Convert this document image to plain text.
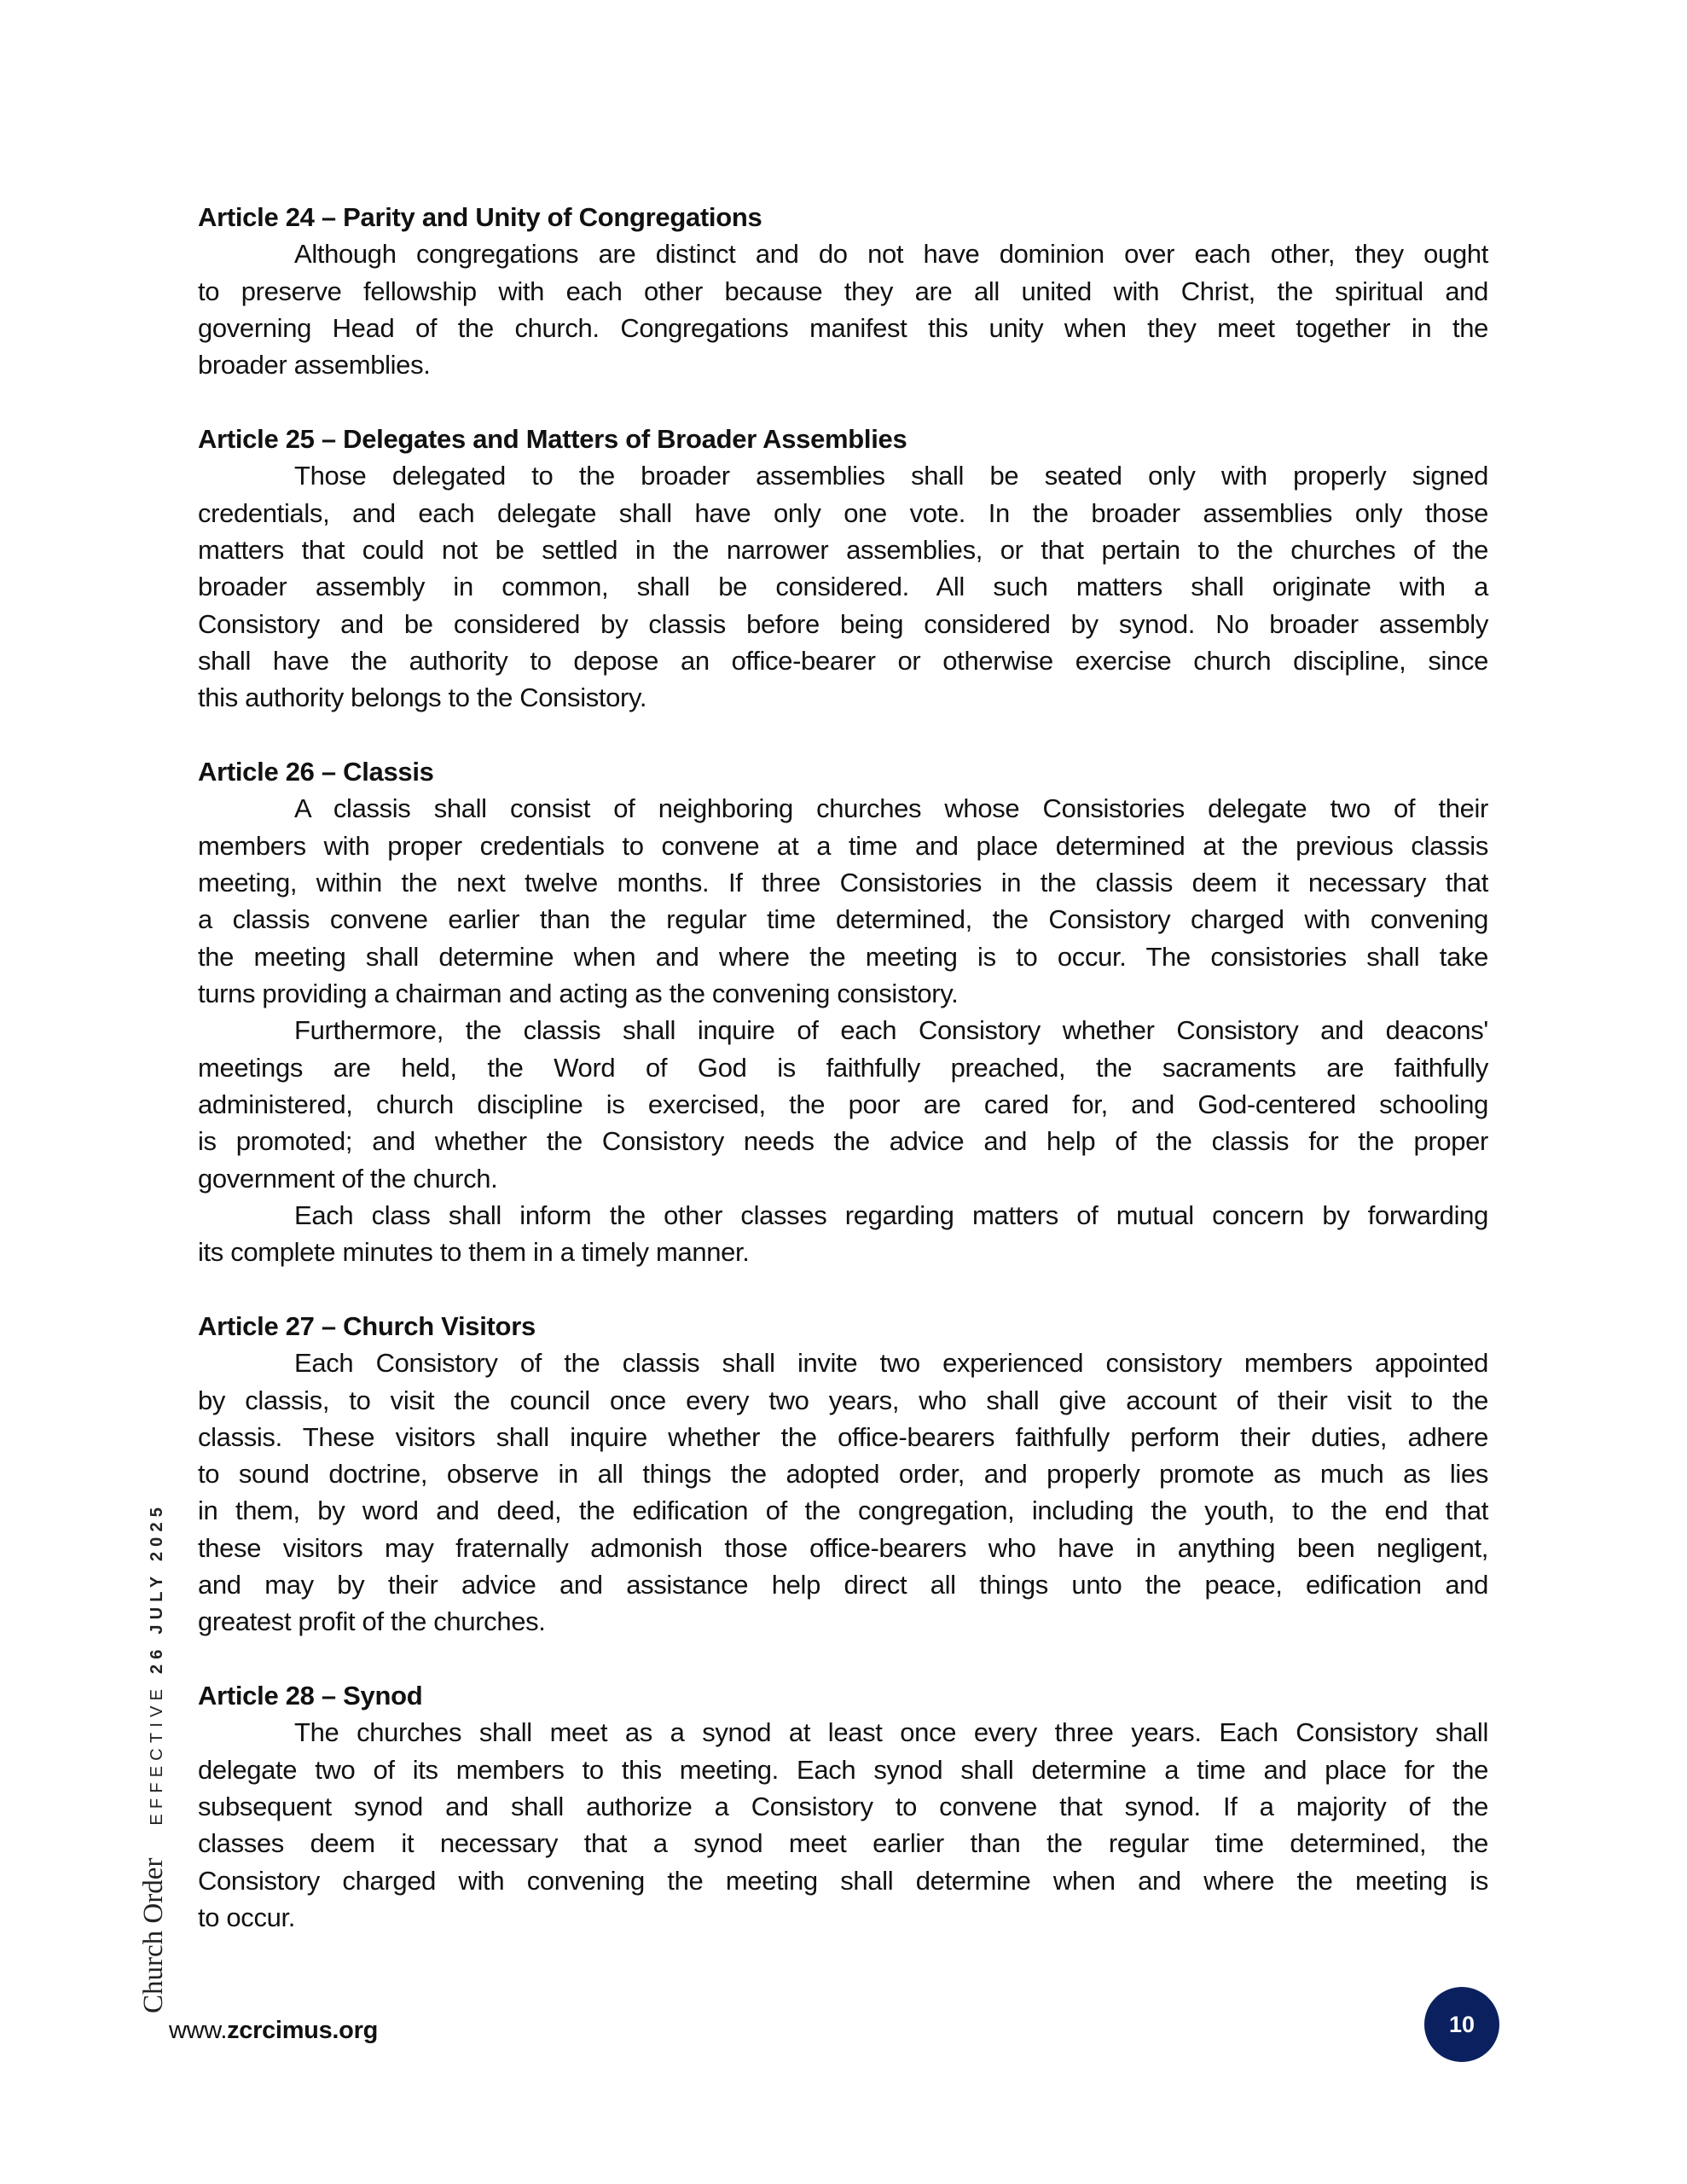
Article 24 – Parity and Unity of Congregations
Although congregations are distinct and do not have dominion over each other, they ought
to preserve fellowship with each other because they are all united with Christ, the spiritual and
governing Head of the church. Congregations manifest this unity when they meet together in the
broader assemblies.
Article 25 – Delegates and Matters of Broader Assemblies
Those delegated to the broader assemblies shall be seated only with properly signed
credentials, and each delegate shall have only one vote. In the broader assemblies only those
matters that could not be settled in the narrower assemblies, or that pertain to the churches of the
broader assembly in common, shall be considered. All such matters shall originate with a
Consistory and be considered by classis before being considered by synod. No broader assembly
shall have the authority to depose an office-bearer or otherwise exercise church discipline, since
this authority belongs to the Consistory.
Article 26 – Classis
A classis shall consist of neighboring churches whose Consistories delegate two of their
members with proper credentials to convene at a time and place determined at the previous classis
meeting, within the next twelve months. If three Consistories in the classis deem it necessary that
a classis convene earlier than the regular time determined, the Consistory charged with convening
the meeting shall determine when and where the meeting is to occur. The consistories shall take
turns providing a chairman and acting as the convening consistory.
Furthermore, the classis shall inquire of each Consistory whether Consistory and deacons'
meetings are held, the Word of God is faithfully preached, the sacraments are faithfully
administered, church discipline is exercised, the poor are cared for, and God-centered schooling
is promoted; and whether the Consistory needs the advice and help of the classis for the proper
government of the church.
Each class shall inform the other classes regarding matters of mutual concern by forwarding
its complete minutes to them in a timely manner.
Article 27 – Church Visitors
Each Consistory of the classis shall invite two experienced consistory members appointed
by classis, to visit the council once every two years, who shall give account of their visit to the
classis. These visitors shall inquire whether the office-bearers faithfully perform their duties, adhere
to sound doctrine, observe in all things the adopted order, and properly promote as much as lies
in them, by word and deed, the edification of the congregation, including the youth, to the end that
these visitors may fraternally admonish those office-bearers who have in anything been negligent,
and may by their advice and assistance help direct all things unto the peace, edification and
greatest profit of the churches.
Article 28 – Synod
The churches shall meet as a synod at least once every three years. Each Consistory shall
delegate two of its members to this meeting. Each synod shall determine a time and place for the
subsequent synod and shall authorize a Consistory to convene that synod. If a majority of the
classes deem it necessary that a synod meet earlier than the regular time determined, the
Consistory charged with convening the meeting shall determine when and where the meeting is
to occur.
Church Order
EFFECTIVE 26 JULY 2025
www.zcrcimus.org	10
